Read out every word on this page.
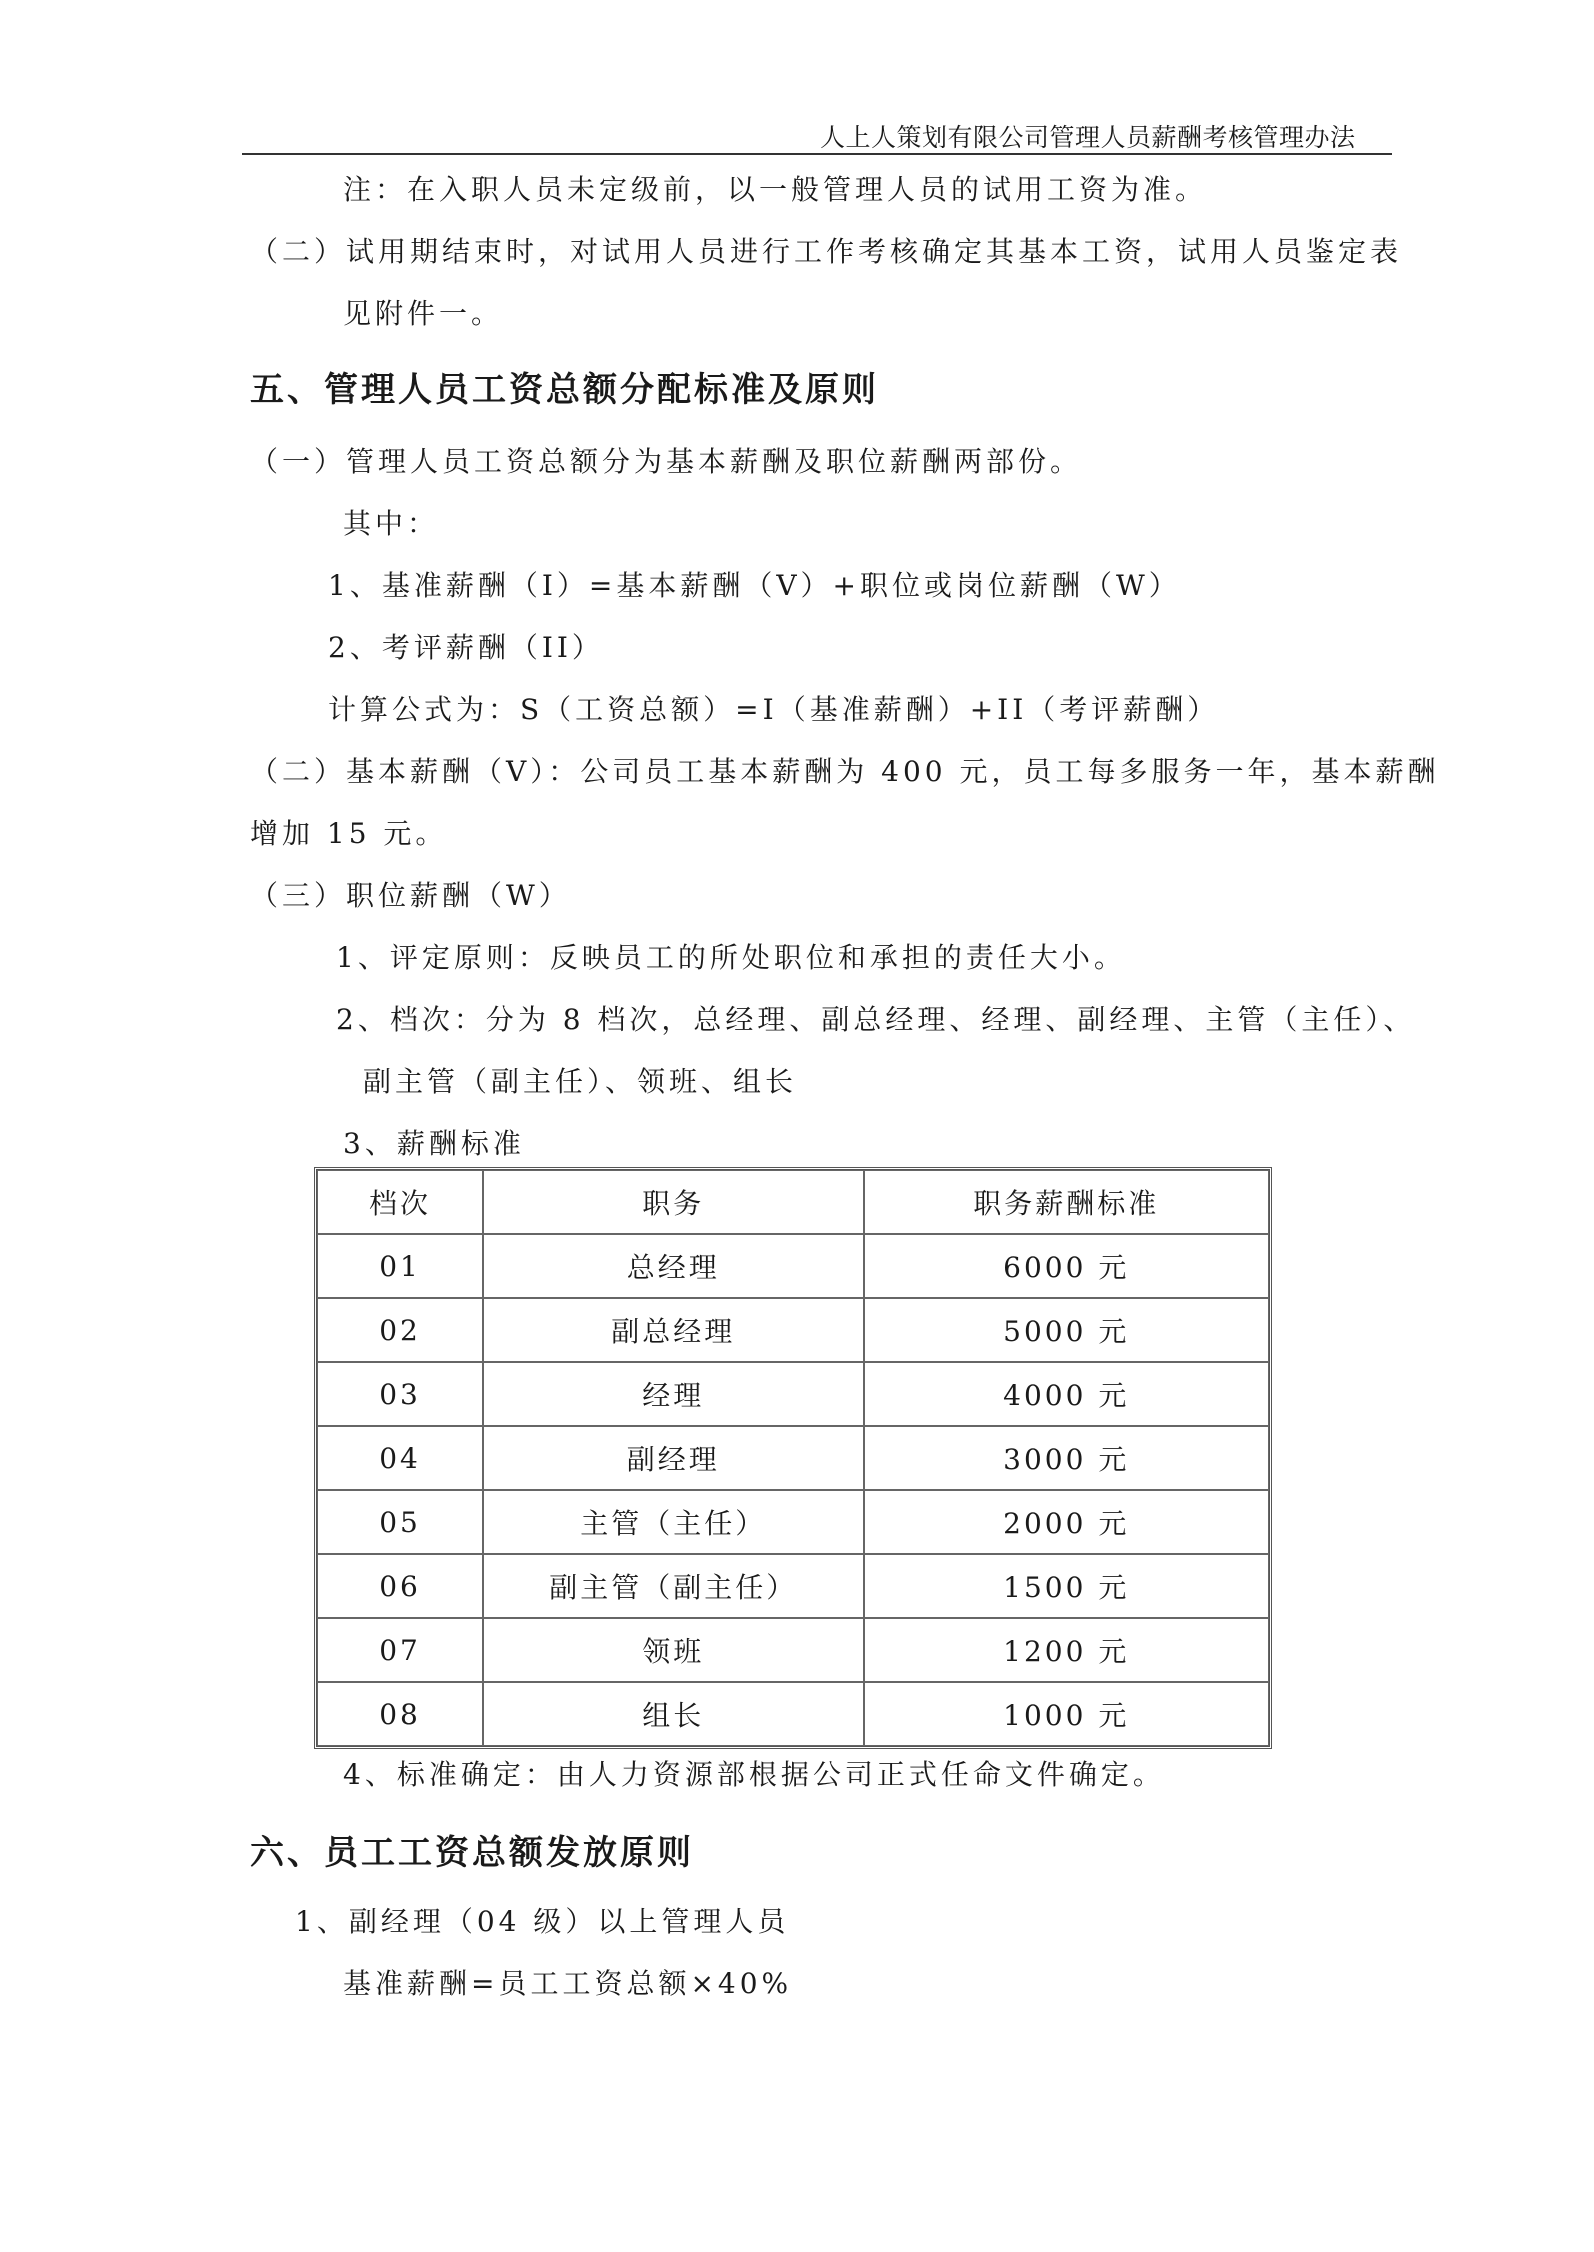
人上人策划有限公司管理人员薪酬考核管理办法
注：在入职人员未定级前，以一般管理人员的试用工资为准。
（二）试用期结束时，对试用人员进行工作考核确定其基本工资，试用人员鉴定表
见附件一。
五、管理人员工资总额分配标准及原则
（一）管理人员工资总额分为基本薪酬及职位薪酬两部份。
其中：
1、基准薪酬（I）=基本薪酬（V）+职位或岗位薪酬（W）
2、考评薪酬（II）
计算公式为：S（工资总额）=I（基准薪酬）+II（考评薪酬）
（二）基本薪酬（V）：公司员工基本薪酬为 400 元，员工每多服务一年，基本薪酬
增加 15 元。
（三）职位薪酬（W）
1、评定原则：反映员工的所处职位和承担的责任大小。
2、档次：分为 8 档次，总经理、副总经理、经理、副经理、主管（主任）、
副主管（副主任）、领班、组长
3、薪酬标准
档次	职务	职务薪酬标准
01	总经理	6000 元
02	副总经理	5000 元
03	经理	4000 元
04	副经理	3000 元
05	主管（主任）	2000 元
06	副主管（副主任）	1500 元
07	领班	1200 元
08	组长	1000 元
4、标准确定：由人力资源部根据公司正式任命文件确定。
六、员工工资总额发放原则
1、副经理（04 级）以上管理人员
基准薪酬=员工工资总额×40%
